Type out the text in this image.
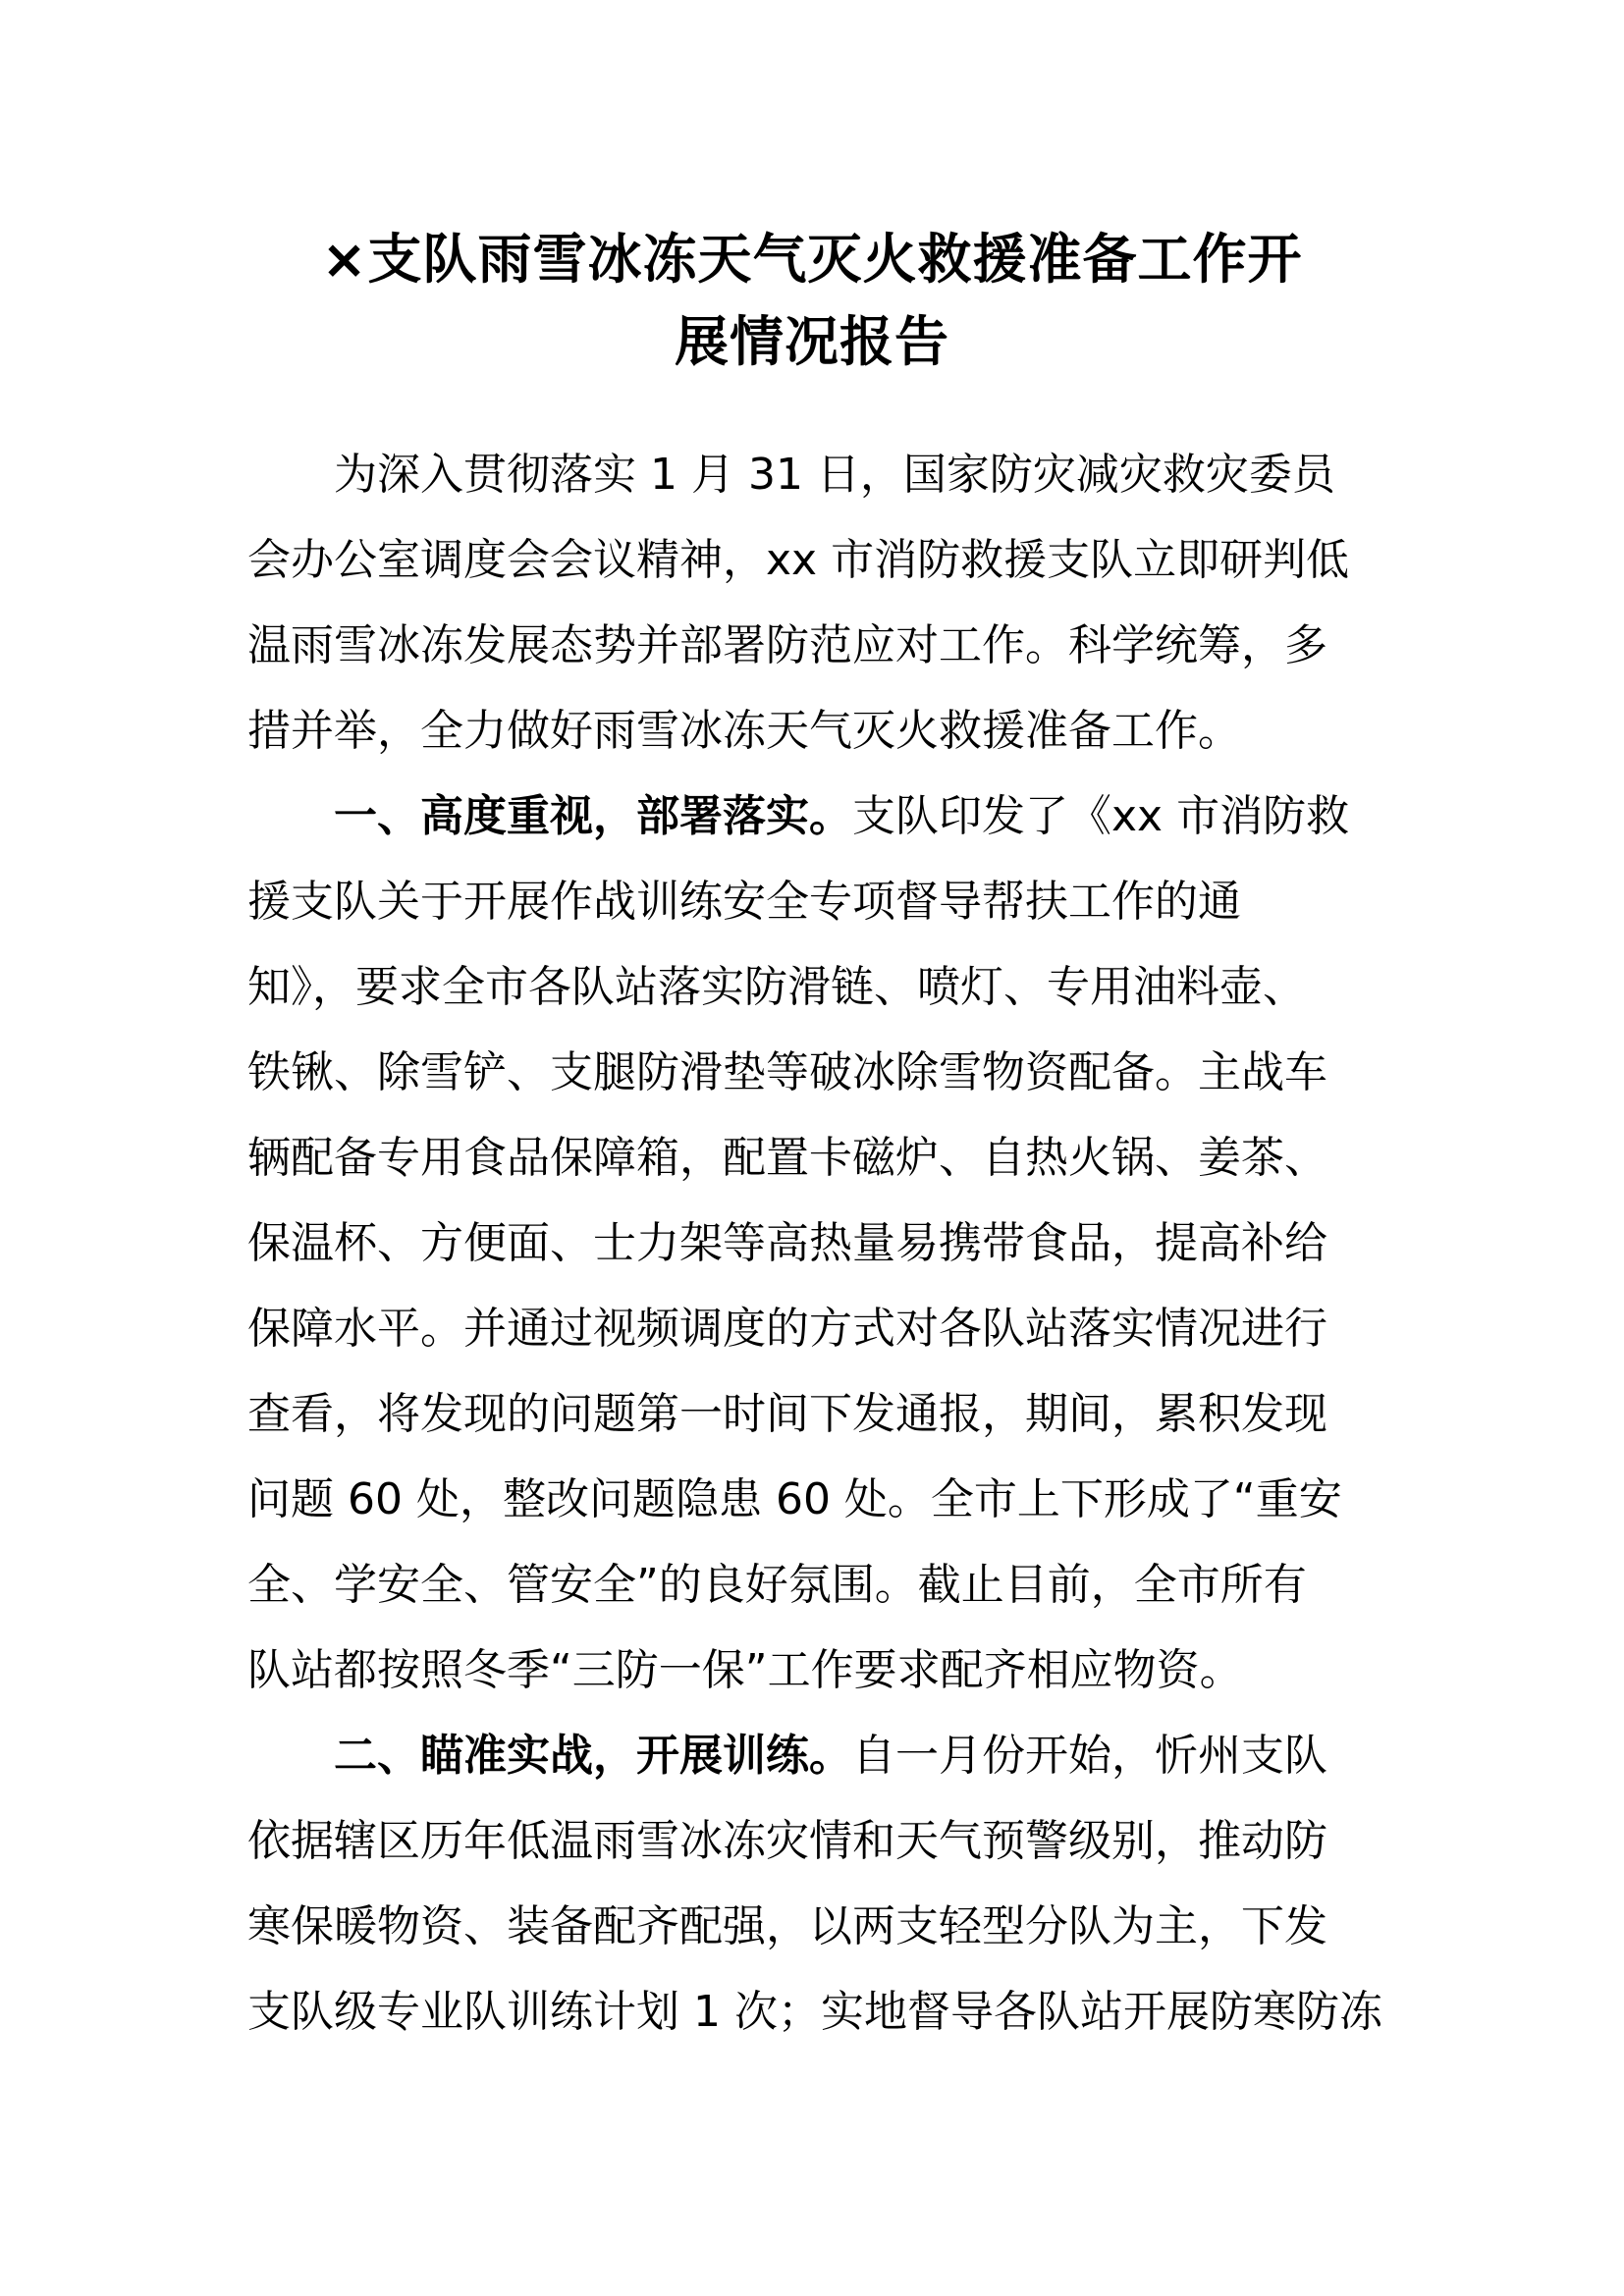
×支队雨雪冰冻天气灭火救援准备工作开
展情况报告
为深入贯彻落实 1 月 31 日，国家防灾减灾救灾委员
会办公室调度会会议精神，xx 市消防救援支队立即研判低
温雨雪冰冻发展态势并部署防范应对工作。科学统筹，多
措并举，全力做好雨雪冰冻天气灭火救援准备工作。
一、高度重视，部署落实。支队印发了《xx 市消防救
援支队关于开展作战训练安全专项督导帮扶工作的通
知》，要求全市各队站落实防滑链、喷灯、专用油料壶、
铁锹、除雪铲、支腿防滑垫等破冰除雪物资配备。主战车
辆配备专用食品保障箱，配置卡磁炉、自热火锅、姜茶、
保温杯、方便面、士力架等高热量易携带食品，提高补给
保障水平。并通过视频调度的方式对各队站落实情况进行
查看，将发现的问题第一时间下发通报，期间，累积发现
问题 60 处，整改问题隐患 60 处。全市上下形成了“重安
全、学安全、管安全”的良好氛围。截止目前，全市所有
队站都按照冬季“三防一保”工作要求配齐相应物资。
二、瞄准实战，开展训练。自一月份开始，忻州支队
依据辖区历年低温雨雪冰冻灾情和天气预警级别，推动防
寒保暖物资、装备配齐配强，以两支轻型分队为主，下发
支队级专业队训练计划 1 次；实地督导各队站开展防寒防冻
